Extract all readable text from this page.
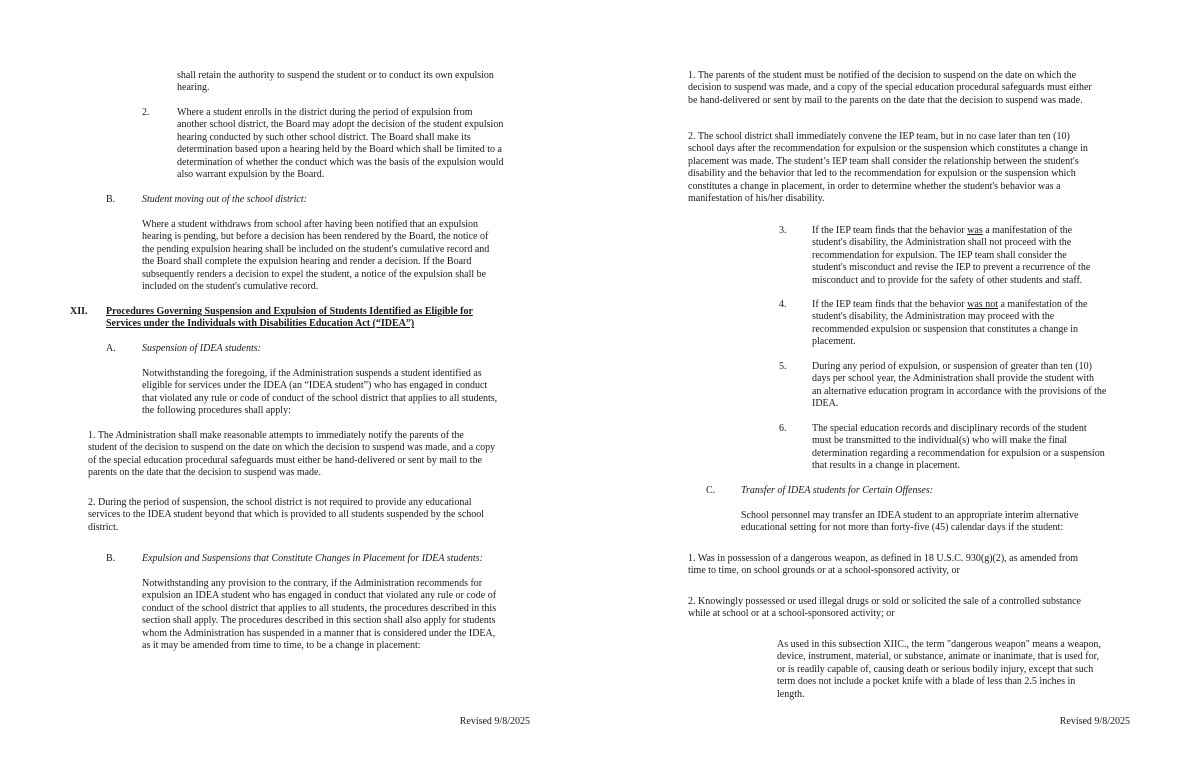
shall retain the authority to suspend the student or to conduct its own expulsion
hearing.
2.	Where a student enrolls in the district during the period of expulsion from
another school district, the Board may adopt the decision of the student expulsion
hearing conducted by such other school district. The Board shall make its
determination based upon a hearing held by the Board which shall be limited to a
determination of whether the conduct which was the basis of the expulsion would
also warrant expulsion by the Board.
B.	Student moving out of the school district:
Where a student withdraws from school after having been notified that an expulsion
hearing is pending, but before a decision has been rendered by the Board, the notice of
the pending expulsion hearing shall be included on the student's cumulative record and
the Board shall complete the expulsion hearing and render a decision. If the Board
subsequently renders a decision to expel the student, a notice of the expulsion shall be
included on the student's cumulative record.
XII. Procedures Governing Suspension and Expulsion of Students Identified as Eligible for
Services under the Individuals with Disabilities Education Act (“IDEA”)
A.	Suspension of IDEA students:
Notwithstanding the foregoing, if the Administration suspends a student identified as
eligible for services under the IDEA (an “IDEA student”) who has engaged in conduct
that violated any rule or code of conduct of the school district that applies to all students,
the following procedures shall apply:
1. The Administration shall make reasonable attempts to immediately notify the parents of the
student of the decision to suspend on the date on which the decision to suspend was made, and a copy
of the special education procedural safeguards must either be hand-delivered or sent by mail to the
parents on the date that the decision to suspend was made.
2. During the period of suspension, the school district is not required to provide any educational
services to the IDEA student beyond that which is provided to all students suspended by the school
district.
B.	Expulsion and Suspensions that Constitute Changes in Placement for IDEA students:
Notwithstanding any provision to the contrary, if the Administration recommends for
expulsion an IDEA student who has engaged in conduct that violated any rule or code of
conduct of the school district that applies to all students, the procedures described in this
section shall apply. The procedures described in this section shall also apply for students
whom the Administration has suspended in a manner that is considered under the IDEA,
as it may be amended from time to time, to be a change in placement:
Revised 9/8/2025
1. The parents of the student must be notified of the decision to suspend on the date on which the
decision to suspend was made, and a copy of the special education procedural safeguards must either
be hand-delivered or sent by mail to the parents on the date that the decision to suspend was made.
2. The school district shall immediately convene the IEP team, but in no case later than ten (10)
school days after the recommendation for expulsion or the suspension which constitutes a change in
placement was made. The student’s IEP team shall consider the relationship between the student's
disability and the behavior that led to the recommendation for expulsion or the suspension which
constitutes a change in placement, in order to determine whether the student's behavior was a
manifestation of his/her disability.
3.	If the IEP team finds that the behavior was a manifestation of the
student's disability, the Administration shall not proceed with the
recommendation for expulsion. The IEP team shall consider the
student's misconduct and revise the IEP to prevent a recurrence of the
misconduct and to provide for the safety of other students and staff.
4.	If the IEP team finds that the behavior was not a manifestation of the
student's disability, the Administration may proceed with the
recommended expulsion or suspension that constitutes a change in
placement.
5.	During any period of expulsion, or suspension of greater than ten (10)
days per school year, the Administration shall provide the student with
an alternative education program in accordance with the provisions of the
IDEA.
6.	The special education records and disciplinary records of the student
must be transmitted to the individual(s) who will make the final
determination regarding a recommendation for expulsion or a suspension
that results in a change in placement.
C.	Transfer of IDEA students for Certain Offenses:
School personnel may transfer an IDEA student to an appropriate interim alternative
educational setting for not more than forty-five (45) calendar days if the student:
1. Was in possession of a dangerous weapon, as defined in 18 U.S.C. 930(g)(2), as amended from
time to time, on school grounds or at a school-sponsored activity, or
2. Knowingly possessed or used illegal drugs or sold or solicited the sale of a controlled substance
while at school or at a school-sponsored activity; or
As used in this subsection XIIC., the term "dangerous weapon" means a weapon,
device, instrument, material, or substance, animate or inanimate, that is used for,
or is readily capable of, causing death or serious bodily injury, except that such
term does not include a pocket knife with a blade of less than 2.5 inches in
length.
Revised 9/8/2025
